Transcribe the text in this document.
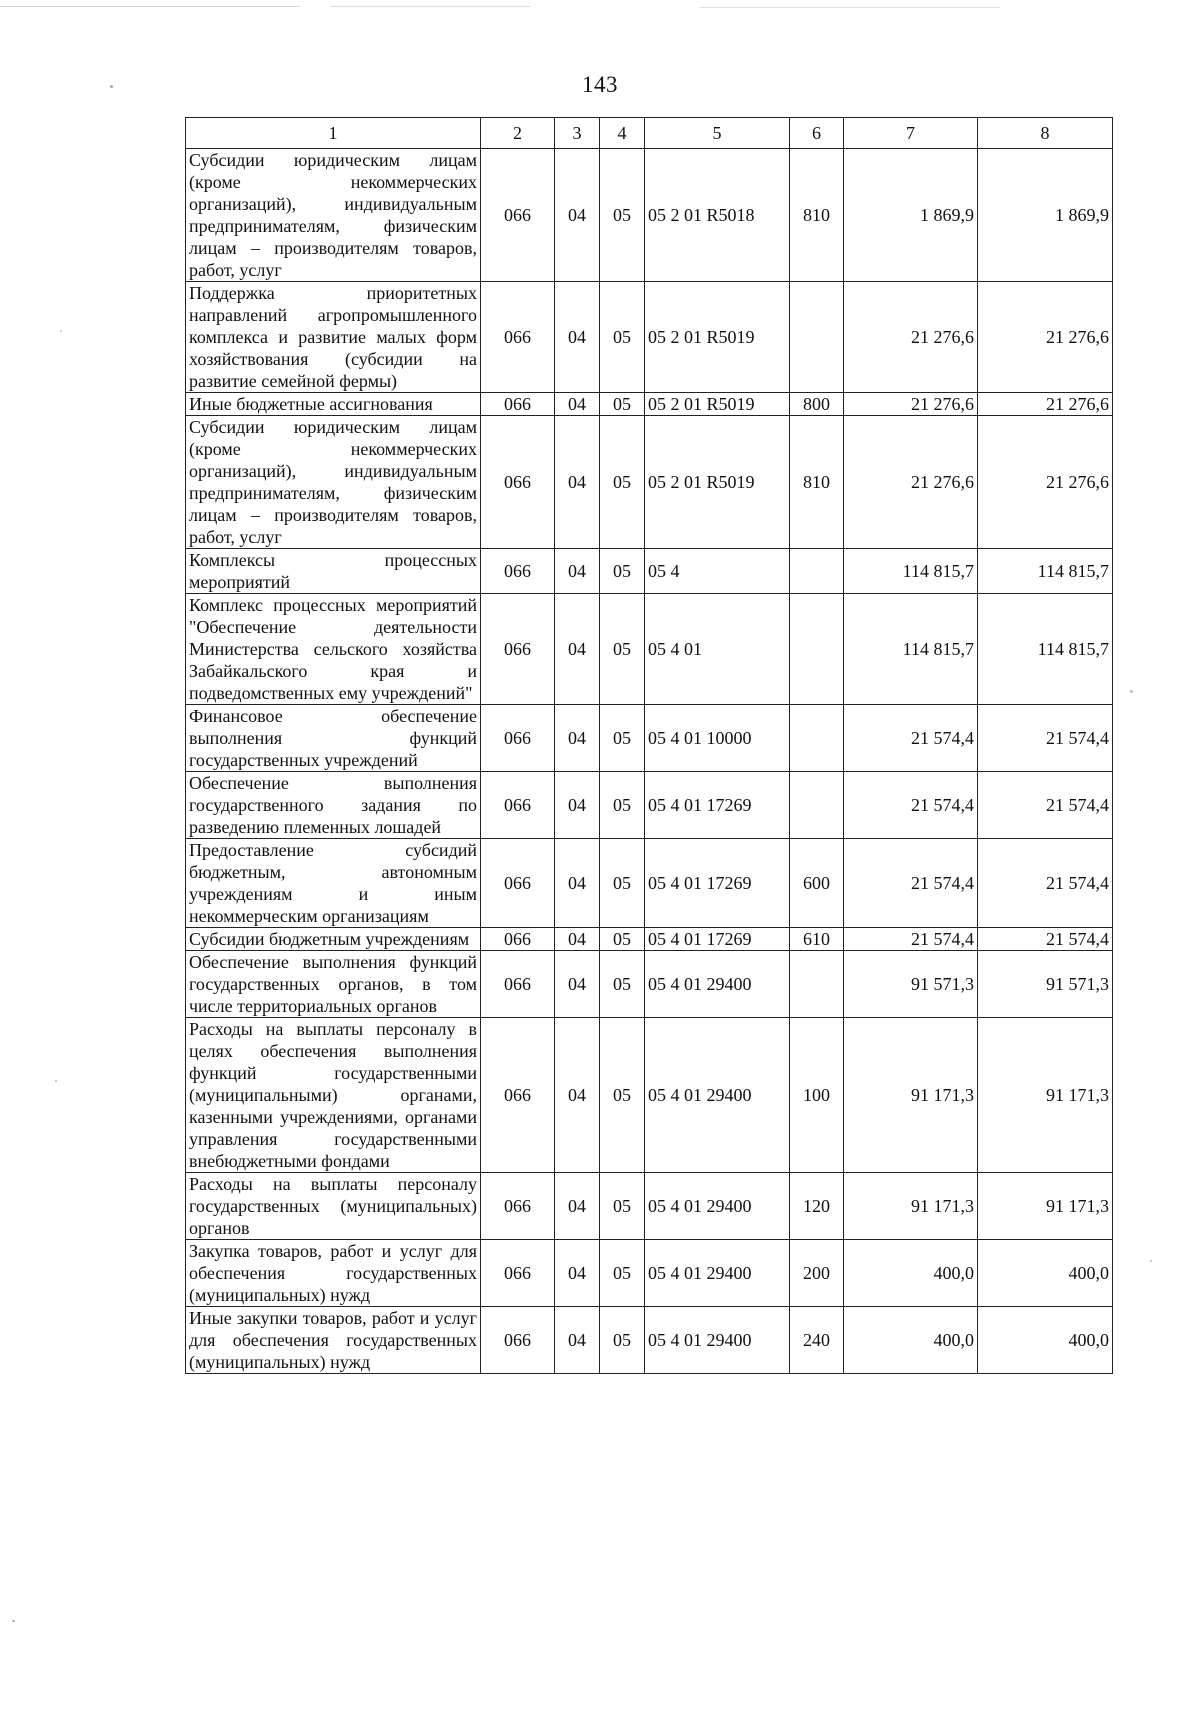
143
1	2	3	4	5	6	7	8
Субсидии юридическим лицам (кроме некоммерческих организаций), индивидуальным предпринимателям, физическим лицам – производителям товаров, работ, услуг	066	04	05	05 2 01 R5018	810	1 869,9	1 869,9
Поддержка приоритетных направлений агропромышленного комплекса и развитие малых форм хозяйствования (субсидии на развитие семейной фермы)	066	04	05	05 2 01 R5019		21 276,6	21 276,6
Иные бюджетные ассигнования	066	04	05	05 2 01 R5019	800	21 276,6	21 276,6
Субсидии юридическим лицам (кроме некоммерческих организаций), индивидуальным предпринимателям, физическим лицам – производителям товаров, работ, услуг	066	04	05	05 2 01 R5019	810	21 276,6	21 276,6
Комплексы процессных мероприятий	066	04	05	05 4		114 815,7	114 815,7
Комплекс процессных мероприятий "Обеспечение деятельности Министерства сельского хозяйства Забайкальского края и подведомственных ему учреждений"	066	04	05	05 4 01		114 815,7	114 815,7
Финансовое обеспечение выполнения функций государственных учреждений	066	04	05	05 4 01 10000		21 574,4	21 574,4
Обеспечение выполнения государственного задания по разведению племенных лошадей	066	04	05	05 4 01 17269		21 574,4	21 574,4
Предоставление субсидий бюджетным, автономным учреждениям и иным некоммерческим организациям	066	04	05	05 4 01 17269	600	21 574,4	21 574,4
Субсидии бюджетным учреждениям	066	04	05	05 4 01 17269	610	21 574,4	21 574,4
Обеспечение выполнения функций государственных органов, в том числе территориальных органов	066	04	05	05 4 01 29400		91 571,3	91 571,3
Расходы на выплаты персоналу в целях обеспечения выполнения функций государственными (муниципальными) органами, казенными учреждениями, органами управления государственными внебюджетными фондами	066	04	05	05 4 01 29400	100	91 171,3	91 171,3
Расходы на выплаты персоналу государственных (муниципальных) органов	066	04	05	05 4 01 29400	120	91 171,3	91 171,3
Закупка товаров, работ и услуг для обеспечения государственных (муниципальных) нужд	066	04	05	05 4 01 29400	200	400,0	400,0
Иные закупки товаров, работ и услуг для обеспечения государственных (муниципальных) нужд	066	04	05	05 4 01 29400	240	400,0	400,0
